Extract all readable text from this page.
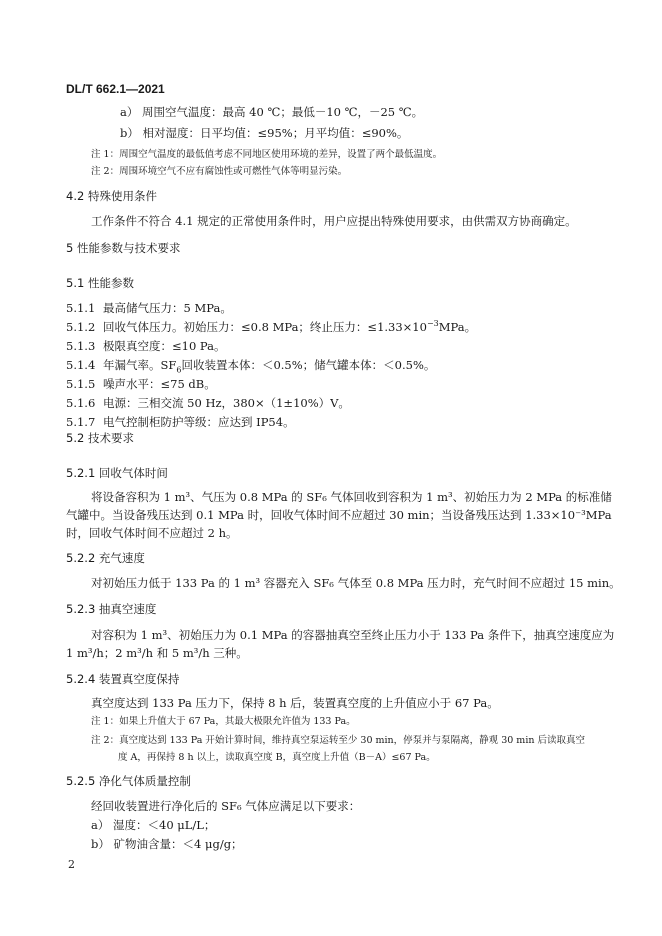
DL/T 662.1—2021
a） 周围空气温度：最高 40 ℃；最低－10 ℃，－25 ℃。
b） 相对湿度：日平均值：≤95%；月平均值：≤90%。
注 1：周围空气温度的最低值考虑不同地区使用环境的差异，设置了两个最低温度。
注 2：周围环境空气不应有腐蚀性或可燃性气体等明显污染。
4.2 特殊使用条件
工作条件不符合 4.1 规定的正常使用条件时，用户应提出特殊使用要求，由供需双方协商确定。
5 性能参数与技术要求
5.1 性能参数
5.1.1 最高储气压力：5 MPa。
5.1.2 回收气体压力。初始压力：≤0.8 MPa；终止压力：$\le 1.33\times 10^{-3}MPa$。
5.1.3 极限真空度：≤10 Pa。
5.1.4 年漏气率。$SF_6$回收装置本体：＜0.5%；储气罐本体：＜0.5%。
5.1.5 噪声水平：≤75 dB。
5.1.6 电源：三相交流 50 Hz，380×（1±10%）V。
5.1.7 电气控制柜防护等级：应达到 IP54。
5.2 技术要求
5.2.1 回收气体时间
将设备容积为 1 m³、气压为 0.8 MPa 的 SF₆ 气体回收到容积为 1 m³、初始压力为 2 MPa 的标准储
气罐中。当设备残压达到 0.1 MPa 时，回收气体时间不应超过 30 min；当设备残压达到 1.33×10⁻³MPa
时，回收气体时间不应超过 2 h。
5.2.2 充气速度
对初始压力低于 133 Pa 的 1 m³ 容器充入 SF₆ 气体至 0.8 MPa 压力时，充气时间不应超过 15 min。
5.2.3 抽真空速度
对容积为 1 m³、初始压力为 0.1 MPa 的容器抽真空至终止压力小于 133 Pa 条件下，抽真空速度应为
1 m³/h；2 m³/h 和 5 m³/h 三种。
5.2.4 装置真空度保持
真空度达到 133 Pa 压力下，保持 8 h 后，装置真空度的上升值应小于 67 Pa。
注 1：如果上升值大于 67 Pa，其最大极限允许值为 133 Pa。
注 2：真空度达到 133 Pa 开始计算时间，维持真空泵运转至少 30 min，停泵并与泵隔离，静观 30 min 后读取真空
度 A，再保持 8 h 以上，读取真空度 B，真空度上升值（B－A）≤67 Pa。
5.2.5 净化气体质量控制
经回收装置进行净化后的 SF₆ 气体应满足以下要求：
a） 湿度：＜40 μL/L；
b） 矿物油含量：＜4 μg/g；
2
